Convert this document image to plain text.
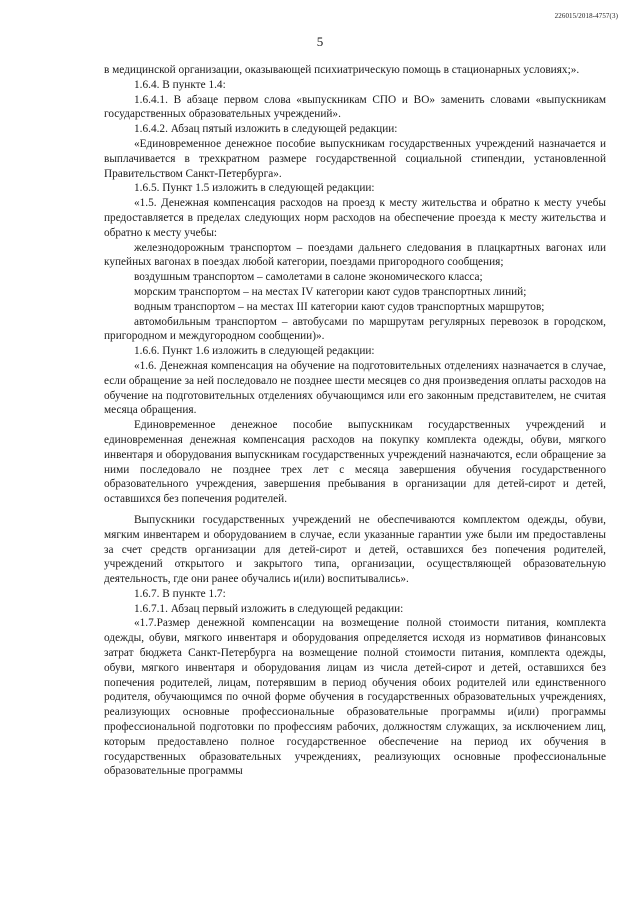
226015/2018-4757(3)
5

в медицинской организации, оказывающей психиатрическую помощь в стационарных условиях;».

1.6.4. В пункте 1.4:

1.6.4.1. В абзаце первом слова «выпускникам СПО и ВО» заменить словами «выпускникам государственных образовательных учреждений».

1.6.4.2. Абзац пятый изложить в следующей редакции:

«Единовременное денежное пособие выпускникам государственных учреждений назначается и выплачивается в трехкратном размере государственной социальной стипендии, установленной Правительством Санкт-Петербурга».

1.6.5. Пункт 1.5 изложить в следующей редакции:

«1.5. Денежная компенсация расходов на проезд к месту жительства и обратно к месту учебы предоставляется в пределах следующих норм расходов на обеспечение проезда к месту жительства и обратно к месту учебы:

железнодорожным транспортом – поездами дальнего следования в плацкартных вагонах или купейных вагонах в поездах любой категории, поездами пригородного сообщения;

воздушным транспортом – самолетами в салоне экономического класса;

морским транспортом – на местах IV категории кают судов транспортных линий;

водным транспортом – на местах III категории кают судов транспортных маршрутов;

автомобильным транспортом – автобусами по маршрутам регулярных перевозок в городском, пригородном и междугородном сообщении)».

1.6.6. Пункт 1.6 изложить в следующей редакции:

«1.6. Денежная компенсация на обучение на подготовительных отделениях назначается в случае, если обращение за ней последовало не позднее шести месяцев со дня произведения оплаты расходов на обучение на подготовительных отделениях обучающимся или его законным представителем, не считая месяца обращения.

Единовременное денежное пособие выпускникам государственных учреждений и единовременная денежная компенсация расходов на покупку комплекта одежды, обуви, мягкого инвентаря и оборудования выпускникам государственных учреждений назначаются, если обращение за ними последовало не позднее трех лет с месяца завершения обучения государственного образовательного учреждения, завершения пребывания в организации для детей-сирот и детей, оставшихся без попечения родителей.

Выпускники государственных учреждений не обеспечиваются комплектом одежды, обуви, мягким инвентарем и оборудованием в случае, если указанные гарантии уже были им предоставлены за счет средств организации для детей-сирот и детей, оставшихся без попечения родителей, учреждений открытого и закрытого типа, организации, осуществляющей образовательную деятельность, где они ранее обучались и(или) воспитывались».

1.6.7. В пункте 1.7:

1.6.7.1. Абзац первый изложить в следующей редакции:

«1.7.Размер денежной компенсации на возмещение полной стоимости питания, комплекта одежды, обуви, мягкого инвентаря и оборудования определяется исходя из нормативов финансовых затрат бюджета Санкт-Петербурга на возмещение полной стоимости питания, комплекта одежды, обуви, мягкого инвентаря и оборудования лицам из числа детей-сирот и детей, оставшихся без попечения родителей, лицам, потерявшим в период обучения обоих родителей или единственного родителя, обучающимся по очной форме обучения в государственных образовательных учреждениях, реализующих основные профессиональные образовательные программы и(или) программы профессиональной подготовки по профессиям рабочих, должностям служащих, за исключением лиц, которым предоставлено полное государственное обеспечение на период их обучения в государственных образовательных учреждениях, реализующих основные профессиональные образовательные программы
